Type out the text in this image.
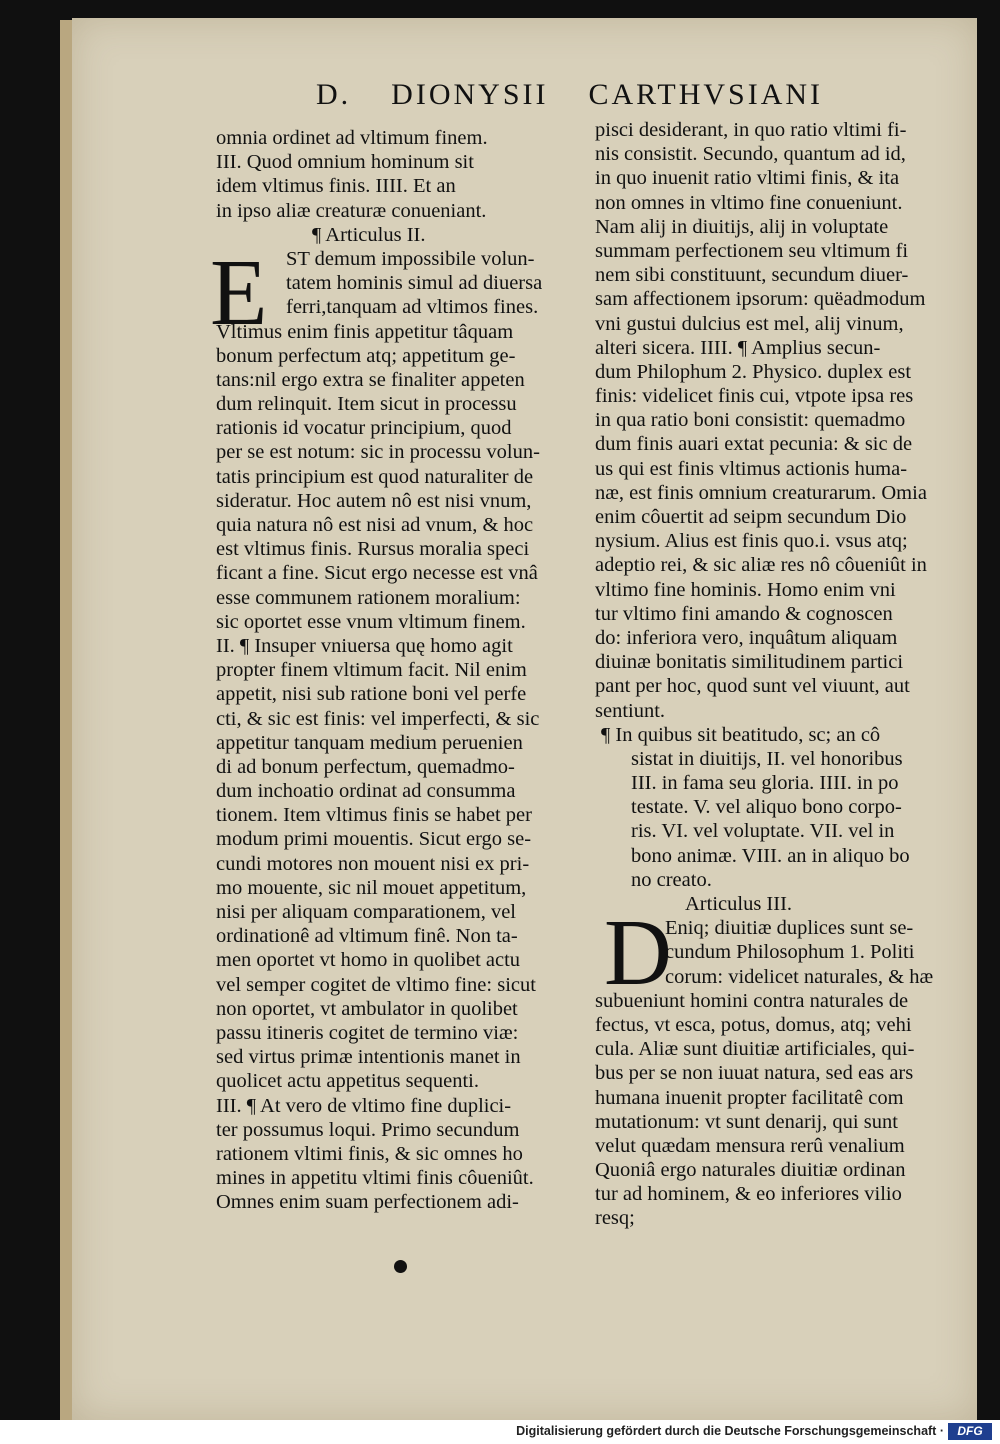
D. DIONYSII CARTHVSIANI
E
D
omnia ordinet ad vltimum finem.
III. Quod omnium hominum sit
idem vltimus finis. IIII. Et an
in ipso aliæ creaturæ conueniant.
¶ Articulus II.
ST demum impossibile volun-
tatem hominis simul ad diuersa
ferri,tanquam ad vltimos fines.
Vltimus enim finis appetitur tâquam
bonum perfectum atq; appetitum ge-
tans:nil ergo extra se finaliter appeten
dum relinquit. Item sicut in processu
rationis id vocatur principium, quod
per se est notum: sic in processu volun-
tatis principium est quod naturaliter de
sideratur. Hoc autem nô est nisi vnum,
quia natura nô est nisi ad vnum, & hoc
est vltimus finis. Rursus moralia speci
ficant a fine. Sicut ergo necesse est vnâ
esse communem rationem moralium:
sic oportet esse vnum vltimum finem.
II. ¶ Insuper vniuersa quę homo agit
propter finem vltimum facit. Nil enim
appetit, nisi sub ratione boni vel perfe
cti, & sic est finis: vel imperfecti, & sic
appetitur tanquam medium peruenien
di ad bonum perfectum, quemadmo-
dum inchoatio ordinat ad consumma
tionem. Item vltimus finis se habet per
modum primi mouentis. Sicut ergo se-
cundi motores non mouent nisi ex pri-
mo mouente, sic nil mouet appetitum,
nisi per aliquam comparationem, vel
ordinationê ad vltimum finê. Non ta-
men oportet vt homo in quolibet actu
vel semper cogitet de vltimo fine: sicut
non oportet, vt ambulator in quolibet
passu itineris cogitet de termino viæ:
sed virtus primæ intentionis manet in
quolicet actu appetitus sequenti.
III. ¶ At vero de vltimo fine duplici-
ter possumus loqui. Primo secundum
rationem vltimi finis, & sic omnes ho
mines in appetitu vltimi finis côueniût.
Omnes enim suam perfectionem adi-
pisci desiderant, in quo ratio vltimi fi-
nis consistit. Secundo, quantum ad id,
in quo inuenit ratio vltimi finis, & ita
non omnes in vltimo fine conueniunt.
Nam alij in diuitijs, alij in voluptate
summam perfectionem seu vltimum fi
nem sibi constituunt, secundum diuer-
sam affectionem ipsorum: quëadmodum
vni gustui dulcius est mel, alij vinum,
alteri sicera. IIII. ¶ Amplius secun-
dum Philophum 2. Physico. duplex est
finis: videlicet finis cui, vtpote ipsa res
in qua ratio boni consistit: quemadmo
dum finis auari extat pecunia: & sic de
us qui est finis vltimus actionis huma-
næ, est finis omnium creaturarum. Omia
enim côuertit ad seipm secundum Dio
nysium. Alius est finis quo.i. vsus atq;
adeptio rei, & sic aliæ res nô côueniût in
vltimo fine hominis. Homo enim vni
tur vltimo fini amando & cognoscen
do: inferiora vero, inquâtum aliquam
diuinæ bonitatis similitudinem partici
pant per hoc, quod sunt vel viuunt, aut
sentiunt.
¶ In quibus sit beatitudo, sc; an cô
sistat in diuitijs, II. vel honoribus
III. in fama seu gloria. IIII. in po
testate. V. vel aliquo bono corpo-
ris. VI. vel voluptate. VII. vel in
bono animæ. VIII. an in aliquo bo
no creato.
Articulus III.
Eniq; diuitiæ duplices sunt se-
cundum Philosophum 1. Politi
corum: videlicet naturales, & hæ
subueniunt homini contra naturales de
fectus, vt esca, potus, domus, atq; vehi
cula. Aliæ sunt diuitiæ artificiales, qui-
bus per se non iuuat natura, sed eas ars
humana inuenit propter facilitatê com
mutationum: vt sunt denarij, qui sunt
velut quædam mensura rerû venalium
Quoniâ ergo naturales diuitiæ ordinan
tur ad hominem, & eo inferiores vilio
resq;
Digitalisierung gefördert durch die Deutsche Forschungsgemeinschaft ·	DFG
